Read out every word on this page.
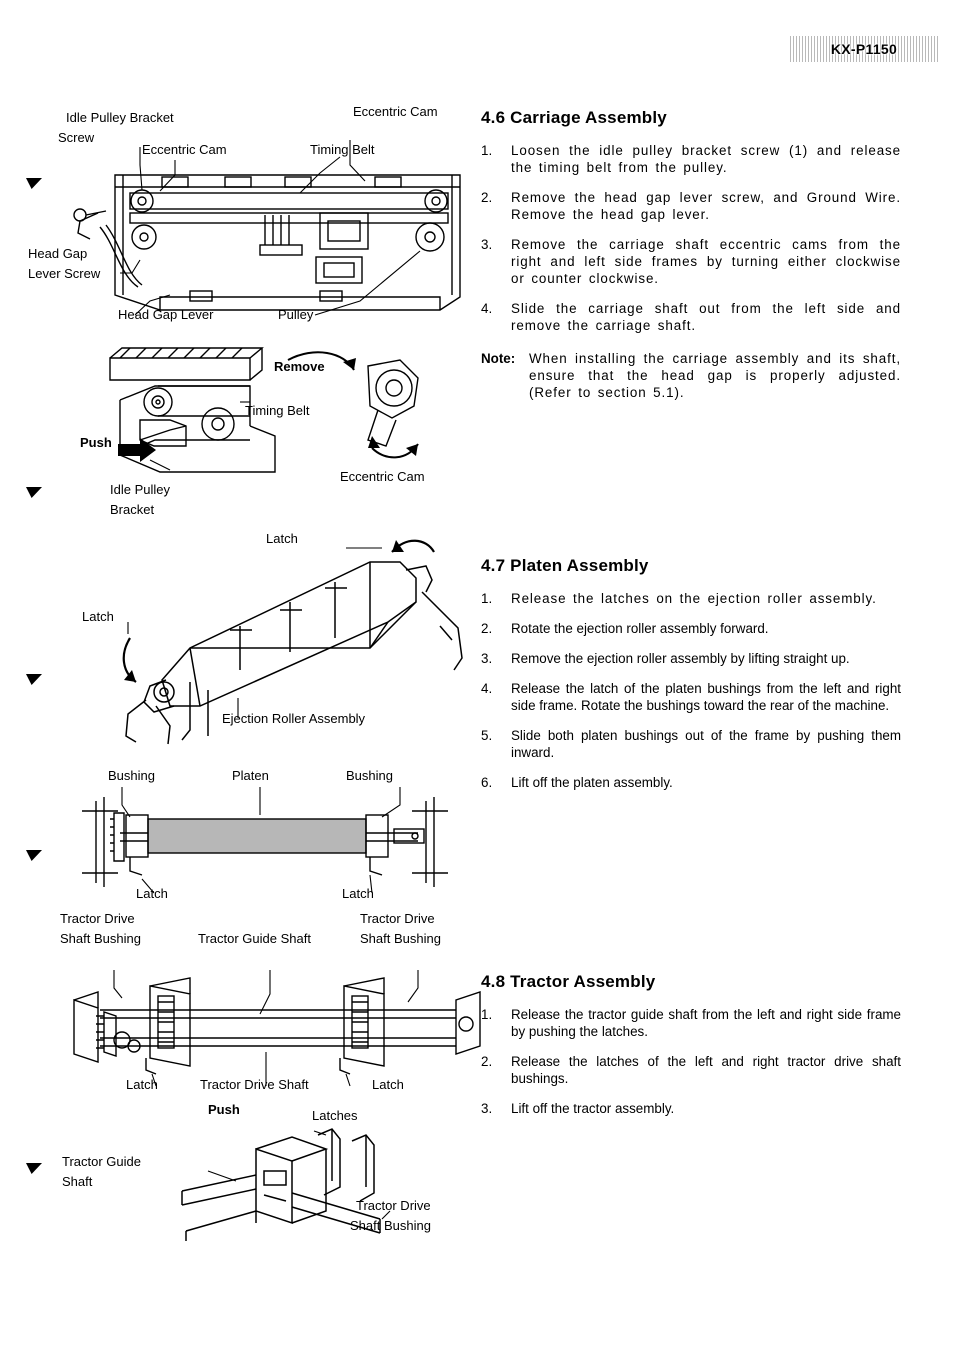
KX-P1150
4.6 Carriage Assembly
1.	Loosen the idle pulley bracket screw (1) and release the timing belt from the pulley.
2.	Remove the head gap lever screw, and Ground Wire. Remove the head gap lever.
3.	Remove the carriage shaft eccentric cams from the right and left side frames by turning either clockwise or counter clockwise.
4.	Slide the carriage shaft out from the left side and remove the carriage shaft.
Note: When installing the carriage assembly and its shaft, ensure that the head gap is properly adjusted. (Refer to section 5.1).
4.7 Platen Assembly
1.	Release the latches on the ejection roller assembly.
2.	Rotate the ejection roller assembly forward.
3.	Remove the ejection roller assembly by lifting straight up.
4.	Release the latch of the platen bushings from the left and right side frame. Rotate the bushings toward the rear of the machine.
5.	Slide both platen bushings out of the frame by pushing them inward.
6.	Lift off the platen assembly.
4.8 Tractor Assembly
1.	Release the tractor guide shaft from the left and right side frame by pushing the latches.
2.	Release the latches of the left and right tractor drive shaft bushings.
3.	Lift off the tractor assembly.
Idle Pulley Bracket
Screw
Eccentric Cam
Eccentric Cam
Timing Belt
Head Gap
Lever Screw
Head Gap Lever	Pulley
Remove
Timing Belt
Push
Idle Pulley
Bracket
Eccentric Cam
Latch
Latch
Ejection Roller Assembly
Bushing	Platen	Bushing
Latch	Latch
Tractor Drive
Shaft Bushing	Tractor Guide Shaft
Tractor Drive
Shaft Bushing
Latch	Tractor Drive Shaft	Latch
Push	Latches
Tractor Guide
Shaft
Tractor Drive
Shaft Bushing
